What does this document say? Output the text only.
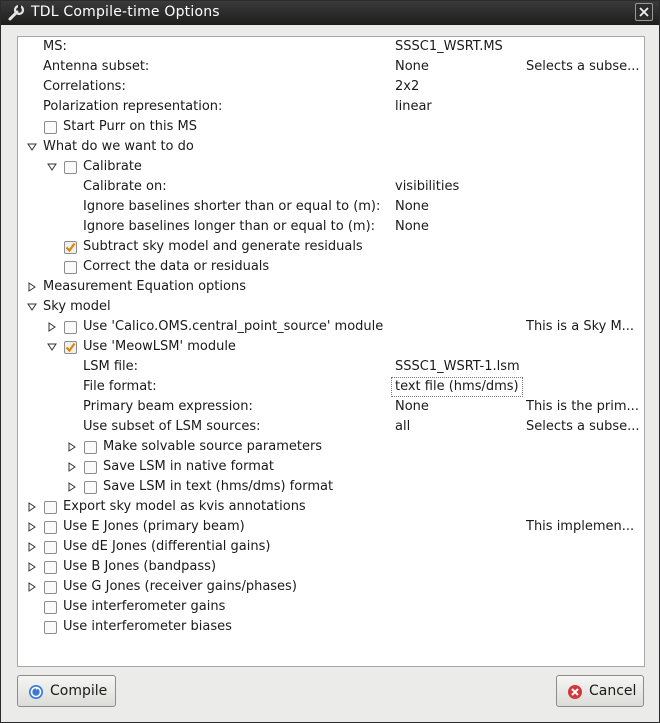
TDL Compile-time Options
MS:	SSSC1_WSRT.MS
Antenna subset:	None	Selects a subse...
Correlations:	2x2
Polarization representation:	linear
Start Purr on this MS
What do we want to do
Calibrate
Calibrate on:	visibilities
Ignore baselines shorter than or equal to (m): None
Ignore baselines longer than or equal to (m): None
Subtract sky model and generate residuals
Correct the data or residuals
Measurement Equation options
Sky model
Use 'Calico.OMS.central_point_source' module	This is a Sky M...
Use 'MeowLSM' module
LSM file:	SSSC1_WSRT-1.lsm
File format:	text file (hms/dms)
Primary beam expression:	None	This is the prim...
Use subset of LSM sources:	all	Selects a subse...
Make solvable source parameters
Save LSM in native format
Save LSM in text (hms/dms) format
Export sky model as kvis annotations
Use E Jones (primary beam)	This implemen...
Use dE Jones (differential gains)
Use B Jones (bandpass)
Use G Jones (receiver gains/phases)
Use interferometer gains
Use interferometer biases
Compile	Cancel
